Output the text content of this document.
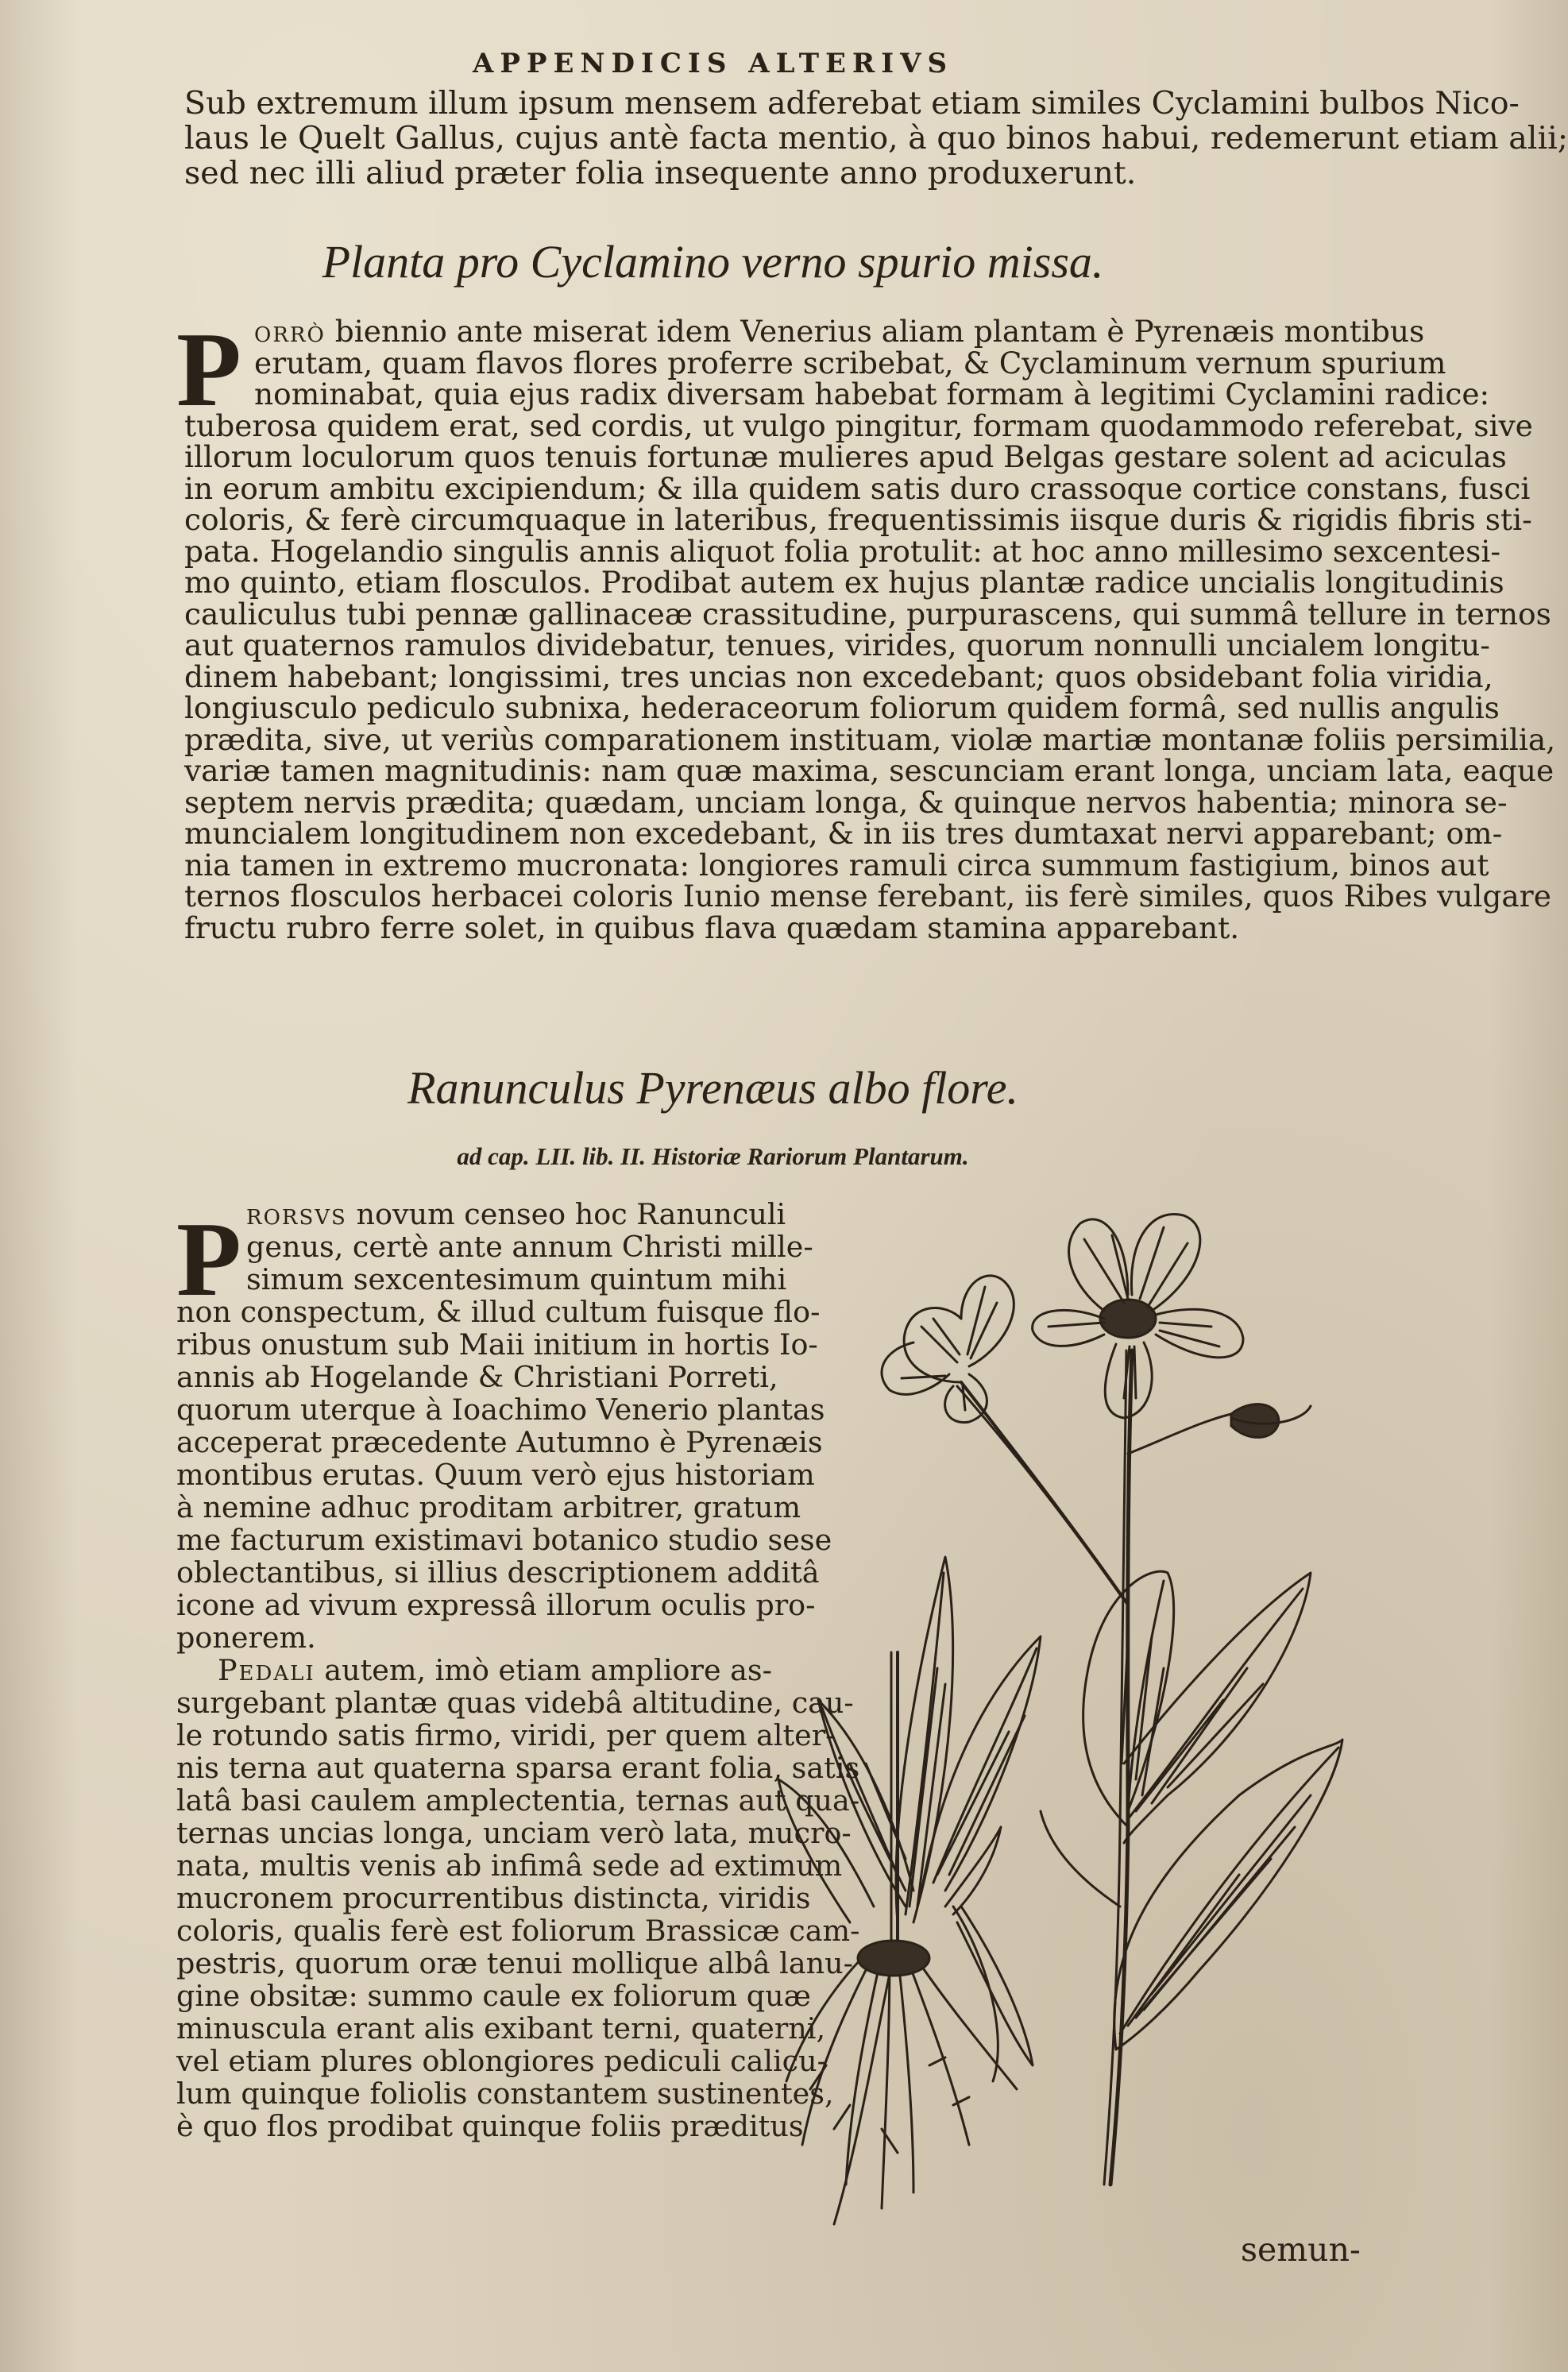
APPENDICIS ALTERIVS
Sub extremum illum ipsum mensem adferebat etiam similes Cyclamini bulbos Nico-
laus le Quelt Gallus, cujus antè facta mentio, à quo binos habui, redemerunt etiam alii;
sed nec illi aliud præter folia insequente anno produxerunt.
Planta pro Cyclamino verno spurio missa.
P orrò biennio ante miserat idem Venerius aliam plantam è Pyrenæis montibus
erutam, quam flavos flores proferre scribebat, & Cyclaminum vernum spurium
nominabat, quia ejus radix diversam habebat formam à legitimi Cyclamini radice:
tuberosa quidem erat, sed cordis, ut vulgo pingitur, formam quodammodo referebat, sive
illorum loculorum quos tenuis fortunæ mulieres apud Belgas gestare solent ad aciculas
in eorum ambitu excipiendum; & illa quidem satis duro crassoque cortice constans, fusci
coloris, & ferè circumquaque in lateribus, frequentissimis iisque duris & rigidis fibris sti-
pata. Hogelandio singulis annis aliquot folia protulit: at hoc anno millesimo sexcentesi-
mo quinto, etiam flosculos. Prodibat autem ex hujus plantæ radice uncialis longitudinis
cauliculus tubi pennæ gallinaceæ crassitudine, purpurascens, qui summâ tellure in ternos
aut quaternos ramulos dividebatur, tenues, virides, quorum nonnulli uncialem longitu-
dinem habebant; longissimi, tres uncias non excedebant; quos obsidebant folia viridia,
longiusculo pediculo subnixa, hederaceorum foliorum quidem formâ, sed nullis angulis
prædita, sive, ut veriùs comparationem instituam, violæ martiæ montanæ foliis persimilia,
variæ tamen magnitudinis: nam quæ maxima, sescunciam erant longa, unciam lata, eaque
septem nervis prædita; quædam, unciam longa, & quinque nervos habentia; minora se-
muncialem longitudinem non excedebant, & in iis tres dumtaxat nervi apparebant; om-
nia tamen in extremo mucronata: longiores ramuli circa summum fastigium, binos aut
ternos flosculos herbacei coloris Iunio mense ferebant, iis ferè similes, quos Ribes vulgare
fructu rubro ferre solet, in quibus flava quædam stamina apparebant.
Ranunculus Pyrenæus albo flore.
ad cap. LII. lib. II. Historiæ Rariorum Plantarum.
P rorsvs novum censeo hoc Ranunculi
genus, certè ante annum Christi mille-
simum sexcentesimum quintum mihi
non conspectum, & illud cultum fuisque flo-
ribus onustum sub Maii initium in hortis Io-
annis ab Hogelande & Christiani Porreti,
quorum uterque à Ioachimo Venerio plantas
acceperat præcedente Autumno è Pyrenæis
montibus erutas. Quum verò ejus historiam
à nemine adhuc proditam arbitrer, gratum
me facturum existimavi botanico studio sese
oblectantibus, si illius descriptionem additâ
icone ad vivum expressâ illorum oculis pro-
ponerem.
Pedali autem, imò etiam ampliore as-
surgebant plantæ quas videbâ altitudine, cau-
le rotundo satis firmo, viridi, per quem alter-
nis terna aut quaterna sparsa erant folia, satis
latâ basi caulem amplectentia, ternas aut qua-
ternas uncias longa, unciam verò lata, mucro-
nata, multis venis ab infimâ sede ad extimum
mucronem procurrentibus distincta, viridis
coloris, qualis ferè est foliorum Brassicæ cam-
pestris, quorum oræ tenui mollique albâ lanu-
gine obsitæ: summo caule ex foliorum quæ
minuscula erant alis exibant terni, quaterni,
vel etiam plures oblongiores pediculi calicu-
lum quinque foliolis constantem sustinentes,
è quo flos prodibat quinque foliis præditus
semun-
